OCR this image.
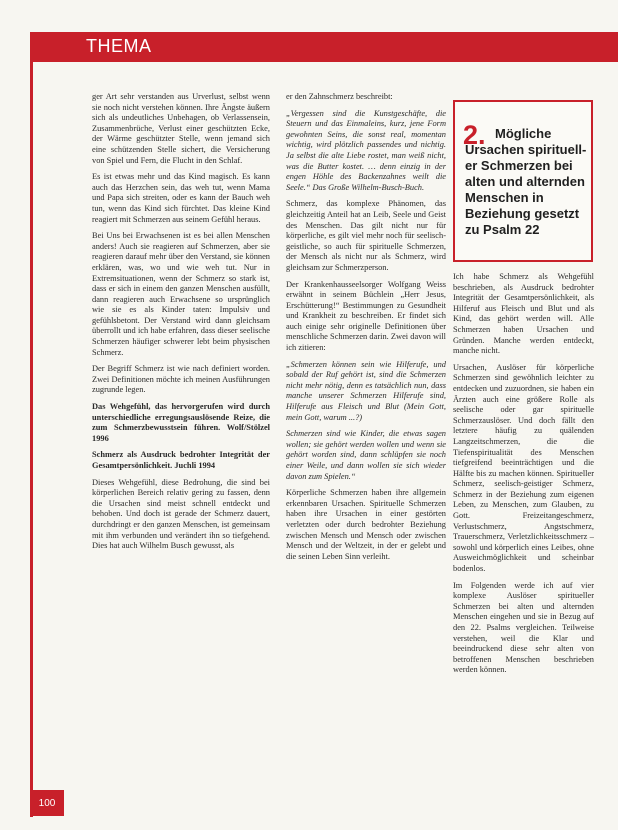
THEMA

ger Art sehr verstanden aus Urverlust, selbst wenn sie noch nicht verstehen können. Ihre Ängste äußern sich als undeutliches Unbehagen, ob Verlassensein, Zusammenbrüche, Verlust einer geschützten Ecke, der Wärme geschützter Stelle, wenn jemand sich eine schützenden Stelle sichert, die Versicherung von Spiel und Fern, die Flucht in den Schlaf.

Es ist etwas mehr und das Kind magisch. Es kann auch das Herzchen sein, das weh tut, wenn Mama und Papa sich streiten, oder es kann der Bauch weh tun, wenn das Kind sich fürchtet. Das kleine Kind reagiert mit Schmerzen aus seinem Gefühl heraus.

Bei Uns bei Erwachsenen ist es bei allen Menschen anders! Auch sie reagieren auf Schmerzen, aber sie reagieren darauf mehr über den Verstand, sie können erklären, was, wo und wie weh tut. Nur in Extremsituationen, wenn der Schmerz so stark ist, dass er sich in einem den ganzen Menschen ausfüllt, dann reagieren auch Erwachsene so ursprünglich wie sie es als Kinder taten: Impulsiv und gefühlsbetont. Der Verstand wird dann gleichsam überrollt und ich habe erfahren, dass dieser seelische Schmerzen häufiger schwerer lebt beim physischen Schmerz.

Der Begriff Schmerz ist wie nach definiert worden. Zwei Definitionen möchte ich meinen Ausführungen zugrunde legen.

Das Wehgefühl, das hervorgerufen wird durch unterschiedliche erregungsauslösende Reize, die zum Schmerzbewusstsein führen. Wolf/Stölzel 1996

Schmerz als Ausdruck bedrohter Integrität der Gesamtpersönlichkeit. Juchli 1994

Dieses Wehgefühl, diese Bedrohung, die sind bei körperlichen Bereich relativ gering zu fassen, denn die Ursachen sind meist schnell entdeckt und behoben. Und doch ist gerade der Schmerz dauert, durchdringt er den ganzen Menschen, ist gemeinsam mit ihm verbunden und verändert ihn so tiefgehend. Dies hat auch Wilhelm Busch gewusst, als

er den Zahnschmerz beschreibt:

„Vergessen sind die Kunstgeschäfte, die Steuern und das Einmaleins, kurz, jene Form gewohnten Seins, die sonst real, momentan wichtig, wird plötzlich passendes und nichtig. Ja selbst die alte Liebe rostet, man weiß nicht, was die Butter kostet. … denn einzig in der engen Höhle des Backenzahnes weilt die Seele.“ Das Große Wilhelm-Busch-Buch.

Schmerz, das komplexe Phänomen, das gleichzeitig Anteil hat an Leib, Seele und Geist des Menschen. Das gilt nicht nur für körperliche, es gilt viel mehr noch für seelisch-geistliche, so auch für spirituelle Schmerzen, der Mensch als nicht nur als Schmerz, wird gleichsam zur Schmerzperson.

Der Krankenhausseelsorger Wolfgang Weiss erwähnt in seinem Büchlein „Herr Jesus, Erschütterung!“ Bestimmungen zu Gesundheit und Krankheit zu beschreiben. Er findet sich auch einige sehr originelle Definitionen über menschliche Schmerzen darin. Zwei davon will ich zitieren:

„Schmerzen können sein wie Hilferufe, und sobald der Ruf gehört ist, sind die Schmerzen nicht mehr nötig, denn es tatsächlich nun, dass manche unserer Schmerzen Hilferufe sind, Hilferufe aus Fleisch und Blut (Mein Gott, mein Gott, warum ...?)

Schmerzen sind wie Kinder, die etwas sagen wollen; sie gehört werden wollen und wenn sie gehört worden sind, dann schlüpfen sie noch einer Weile, und dann wollen sie sich wieder davon zum Spielen.“

Körperliche Schmerzen haben ihre allgemein erkennbaren Ursachen. Spirituelle Schmerzen haben ihre Ursachen in einer gestörten verletzten oder durch bedrohter Beziehung zwischen Mensch und Mensch oder zwischen Mensch und der Weltzeit, in der er gelebt und die seinen Leben Sinn verleiht.

2. Mögliche Ursachen spiritueller Schmerzen bei alten und alternden Menschen in Beziehung gesetzt zu Psalm 22

Ich habe Schmerz als Wehgefühl beschrieben, als Ausdruck bedrohter Integrität der Gesamtpersönlichkeit, als Hilferuf aus Fleisch und Blut und als Kind, das gehört werden will. Alle Schmerzen haben Ursachen und Gründen. Manche werden entdeckt, manche nicht.

Ursachen, Auslöser für körperliche Schmerzen sind gewöhnlich leichter zu entdecken und zuzuordnen, sie haben ein Ärzten auch eine größere Rolle als seelische oder gar spirituelle Schmerzauslöser. Und doch fällt den letztere häufig zu quälenden Langzeitschmerzen, die die Tiefenspiritualität des Menschen tiefgreifend beeinträchtigen und die Hälfte bis zu machen können. Spiritueller Schmerz, seelisch-geistiger Schmerz, Schmerz in der Beziehung zum eigenen Leben, zu Menschen, zum Glauben, zu Gott. Freizeitangeschmerz, Verlustschmerz, Angstschmerz, Trauerschmerz, Verletzlichkeitsschmerz – sowohl und körperlich eines Leibes, ohne Ausweichmöglichkeit und scheinbar bodenlos.

Im Folgenden werde ich auf vier komplexe Auslöser spiritueller Schmerzen bei alten und alternden Menschen eingehen und sie in Bezug auf den 22. Psalms vergleichen. Teilweise verstehen, weil die Klar und beeindruckend diese sehr alten von betroffenen Menschen beschrieben werden können.

100
